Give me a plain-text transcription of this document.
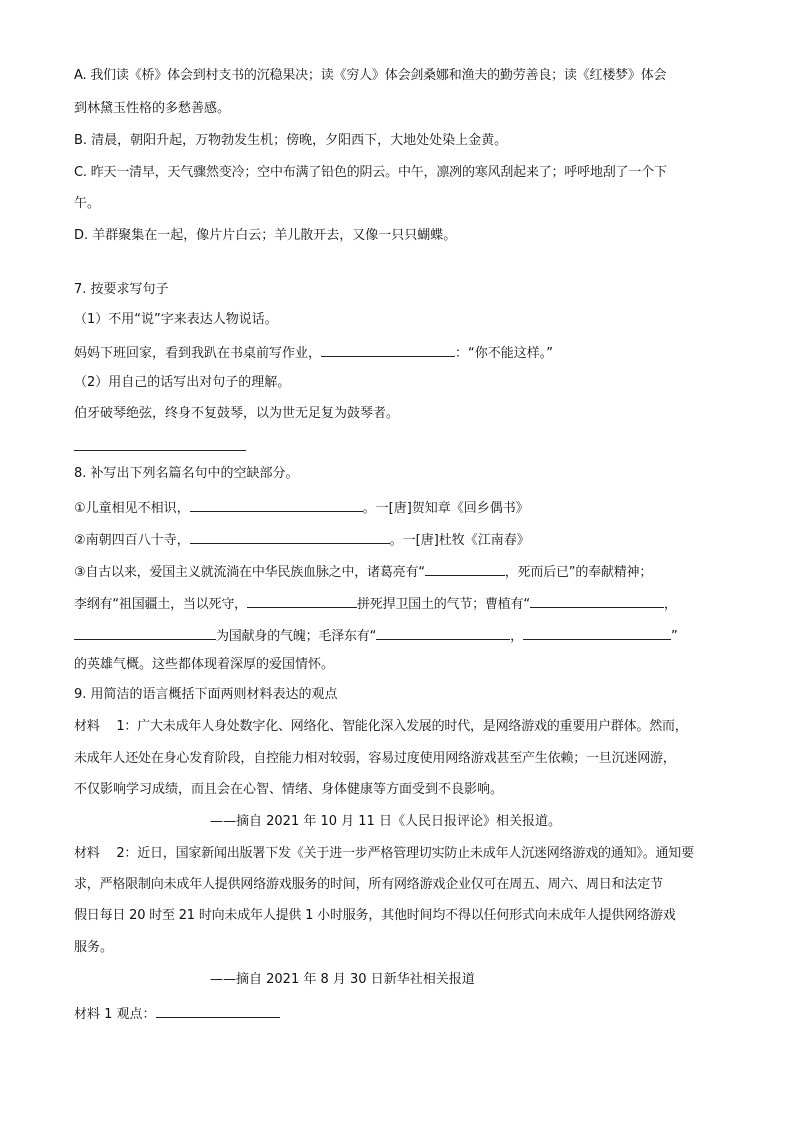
A. 我们读《桥》体会到村支书的沉稳果决；读《穷人》体会剑桑娜和渔夫的勤劳善良；读《红楼梦》体会
到林黛玉性格的多愁善感。
B. 清晨，朝阳升起，万物勃发生机；傍晚，夕阳西下，大地处处染上金黄。
C. 昨天一清早，天气骤然变冷；空中布满了铅色的阴云。中午，凛冽的寒风刮起来了；呼呼地刮了一个下
午。
D. 羊群聚集在一起，像片片白云；羊儿散开去，又像一只只蝴蝶。
7. 按要求写句子
（1）不用“说”字来表达人物说话。
妈妈下班回家，看到我趴在书桌前写作业，	：“你不能这样。”
（2）用自己的话写出对句子的理解。
伯牙破琴绝弦，终身不复鼓琴，以为世无足复为鼓琴者。
8. 补写出下列名篇名句中的空缺部分。
①儿童相见不相识，	。一[唐]贺知章《回乡偶书》
②南朝四百八十寺，	。一[唐]杜牧《江南春》
③自古以来，爱国主义就流淌在中华民族血脉之中，诸葛亮有“	，死而后已”的奉献精神；
李纲有“祖国疆土，当以死守，	拼死捍卫国土的气节；曹植有“	，
为国献身的气魄；毛泽东有“	，	”
的英雄气概。这些都体现着深厚的爱国情怀。
9. 用简洁的语言概括下面两则材料表达的观点
材料　 1：广大未成年人身处数字化、网络化、智能化深入发展的时代，是网络游戏的重要用户群体。然而，
未成年人还处在身心发育阶段，自控能力相对较弱，容易过度使用网络游戏甚至产生依赖；一旦沉迷网游，
不仅影响学习成绩，而且会在心智、情绪、身体健康等方面受到不良影响。
——摘自 2021 年 10 月 11 日《人民日报评论》相关报道。
材料　 2：近日，国家新闻出版署下发《关于进一步严格管理切实防止未成年人沉迷网络游戏的通知》。通知要
求，严格限制向未成年人提供网络游戏服务的时间，所有网络游戏企业仅可在周五、周六、周日和法定节
假日每日 20 时至 21 时向未成年人提供 1 小时服务，其他时间均不得以任何形式向未成年人提供网络游戏
服务。
——摘自 2021 年 8 月 30 日新华社相关报道
材料 1 观点：
